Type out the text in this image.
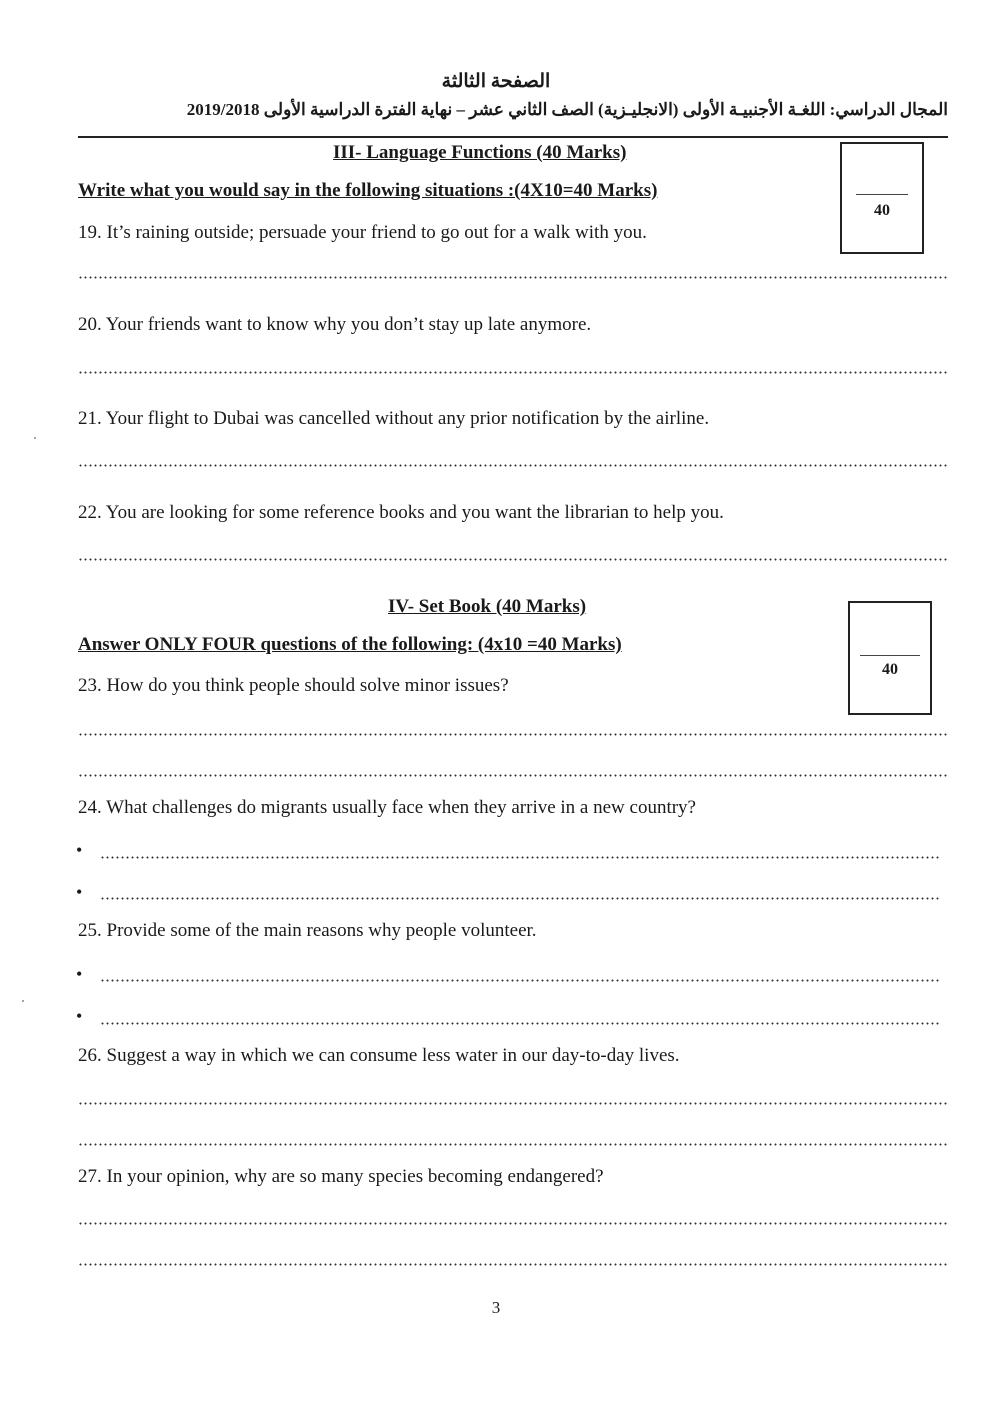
الصفحة الثالثة
المجال الدراسي: اللغـة الأجنبيـة الأولى (الانجليـزية) الصف الثاني عشر – نهاية الفترة الدراسية الأولى 2019/2018
III- Language Functions (40 Marks)
Write what you would say in the following situations :(4X10=40 Marks)
40
19. It’s raining outside; persuade your friend to go out for a walk with you.
20. Your friends want to know why you don’t stay up late anymore.
21. Your flight to Dubai was cancelled without any prior notification by the airline.
22. You are looking for some reference books and you want the librarian to help you.
IV- Set Book (40 Marks)
Answer ONLY FOUR questions of the following: (4x10 =40 Marks)
40
23. How do you think people should solve minor issues?
24. What challenges do migrants usually face when they arrive in a new country?
•
•
25. Provide some of the main reasons why people volunteer.
•
•
26. Suggest a way in which we can consume less water in our day-to-day lives.
27. In your opinion, why are so many species becoming endangered?
3
